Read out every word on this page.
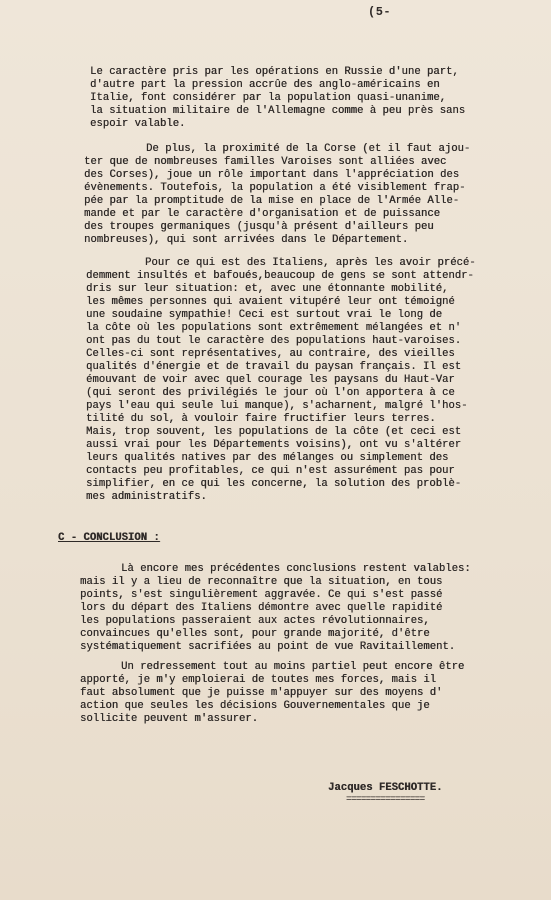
(5-
Le caractère pris par les opérations en Russie d'une part,
d'autre part la pression accrûe des anglo-américains en
Italie, font considérer par la population quasi-unanime,
la situation militaire de l'Allemagne comme à peu près sans
espoir valable.
De plus, la proximité de la Corse (et il faut ajou-
ter que de nombreuses familles Varoises sont alliées avec
des Corses), joue un rôle important dans l'appréciation des
évènements. Toutefois, la population a été visiblement frap-
pée par la promptitude de la mise en place de l'Armée Alle-
mande et par le caractère d'organisation et de puissance
des troupes germaniques (jusqu'à présent d'ailleurs peu
nombreuses), qui sont arrivées dans le Département.
Pour ce qui est des Italiens, après les avoir précé-
demment insultés et bafoués,beaucoup de gens se sont attendr-
dris sur leur situation: et, avec une étonnante mobilité,
les mêmes personnes qui avaient vitupéré leur ont témoigné
une soudaine sympathie! Ceci est surtout vrai le long de
la côte où les populations sont extrêmement mélangées et n'
ont pas du tout le caractère des populations haut-varoises.
Celles-ci sont représentatives, au contraire, des vieilles
qualités d'énergie et de travail du paysan français. Il est
émouvant de voir avec quel courage les paysans du Haut-Var
(qui seront des privilégiés le jour où l'on apportera à ce
pays l'eau qui seule lui manque), s'acharnent, malgré l'hos-
tilité du sol, à vouloir faire fructifier leurs terres.
Mais, trop souvent, les populations de la côte (et ceci est
aussi vrai pour les Départements voisins), ont vu s'altérer
leurs qualités natives par des mélanges ou simplement des
contacts peu profitables, ce qui n'est assurément pas pour
simplifier, en ce qui les concerne, la solution des problè-
mes administratifs.
C - CONCLUSION :
Là encore mes précédentes conclusions restent valables:
mais il y a lieu de reconnaître que la situation, en tous
points, s'est singulièrement aggravée. Ce qui s'est passé
lors du départ des Italiens démontre avec quelle rapidité
les populations passeraient aux actes révolutionnaires,
convaincues qu'elles sont, pour grande majorité, d'être
systématiquement sacrifiées au point de vue Ravitaillement.
Un redressement tout au moins partiel peut encore être
apporté, je m'y emploierai de toutes mes forces, mais il
faut absolument que je puisse m'appuyer sur des moyens d'
action que seules les décisions Gouvernementales que je
sollicite peuvent m'assurer.
Jacques FESCHOTTE.
================
